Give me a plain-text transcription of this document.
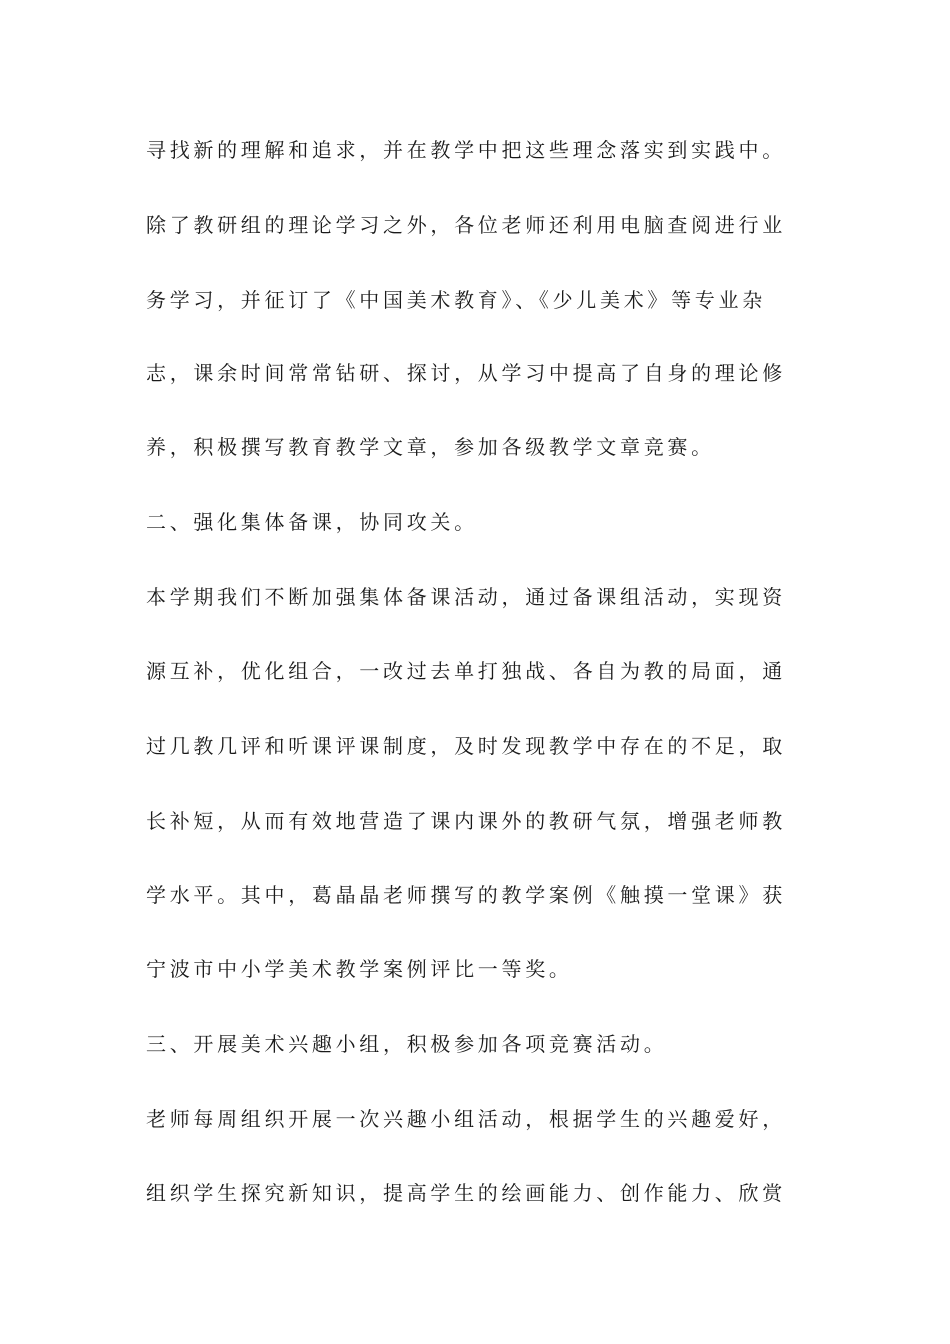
寻找新的理解和追求，并在教学中把这些理念落实到实践中。
除了教研组的理论学习之外，各位老师还利用电脑查阅进行业
务学习，并征订了《中国美术教育》、《少儿美术》等专业杂
志，课余时间常常钻研、探讨，从学习中提高了自身的理论修
养，积极撰写教育教学文章，参加各级教学文章竞赛。
二、强化集体备课，协同攻关。
本学期我们不断加强集体备课活动，通过备课组活动，实现资
源互补，优化组合，一改过去单打独战、各自为教的局面，通
过几教几评和听课评课制度，及时发现教学中存在的不足，取
长补短，从而有效地营造了课内课外的教研气氛，增强老师教
学水平。其中，葛晶晶老师撰写的教学案例《触摸一堂课》获
宁波市中小学美术教学案例评比一等奖。
三、开展美术兴趣小组，积极参加各项竞赛活动。
老师每周组织开展一次兴趣小组活动，根据学生的兴趣爱好，
组织学生探究新知识，提高学生的绘画能力、创作能力、欣赏
